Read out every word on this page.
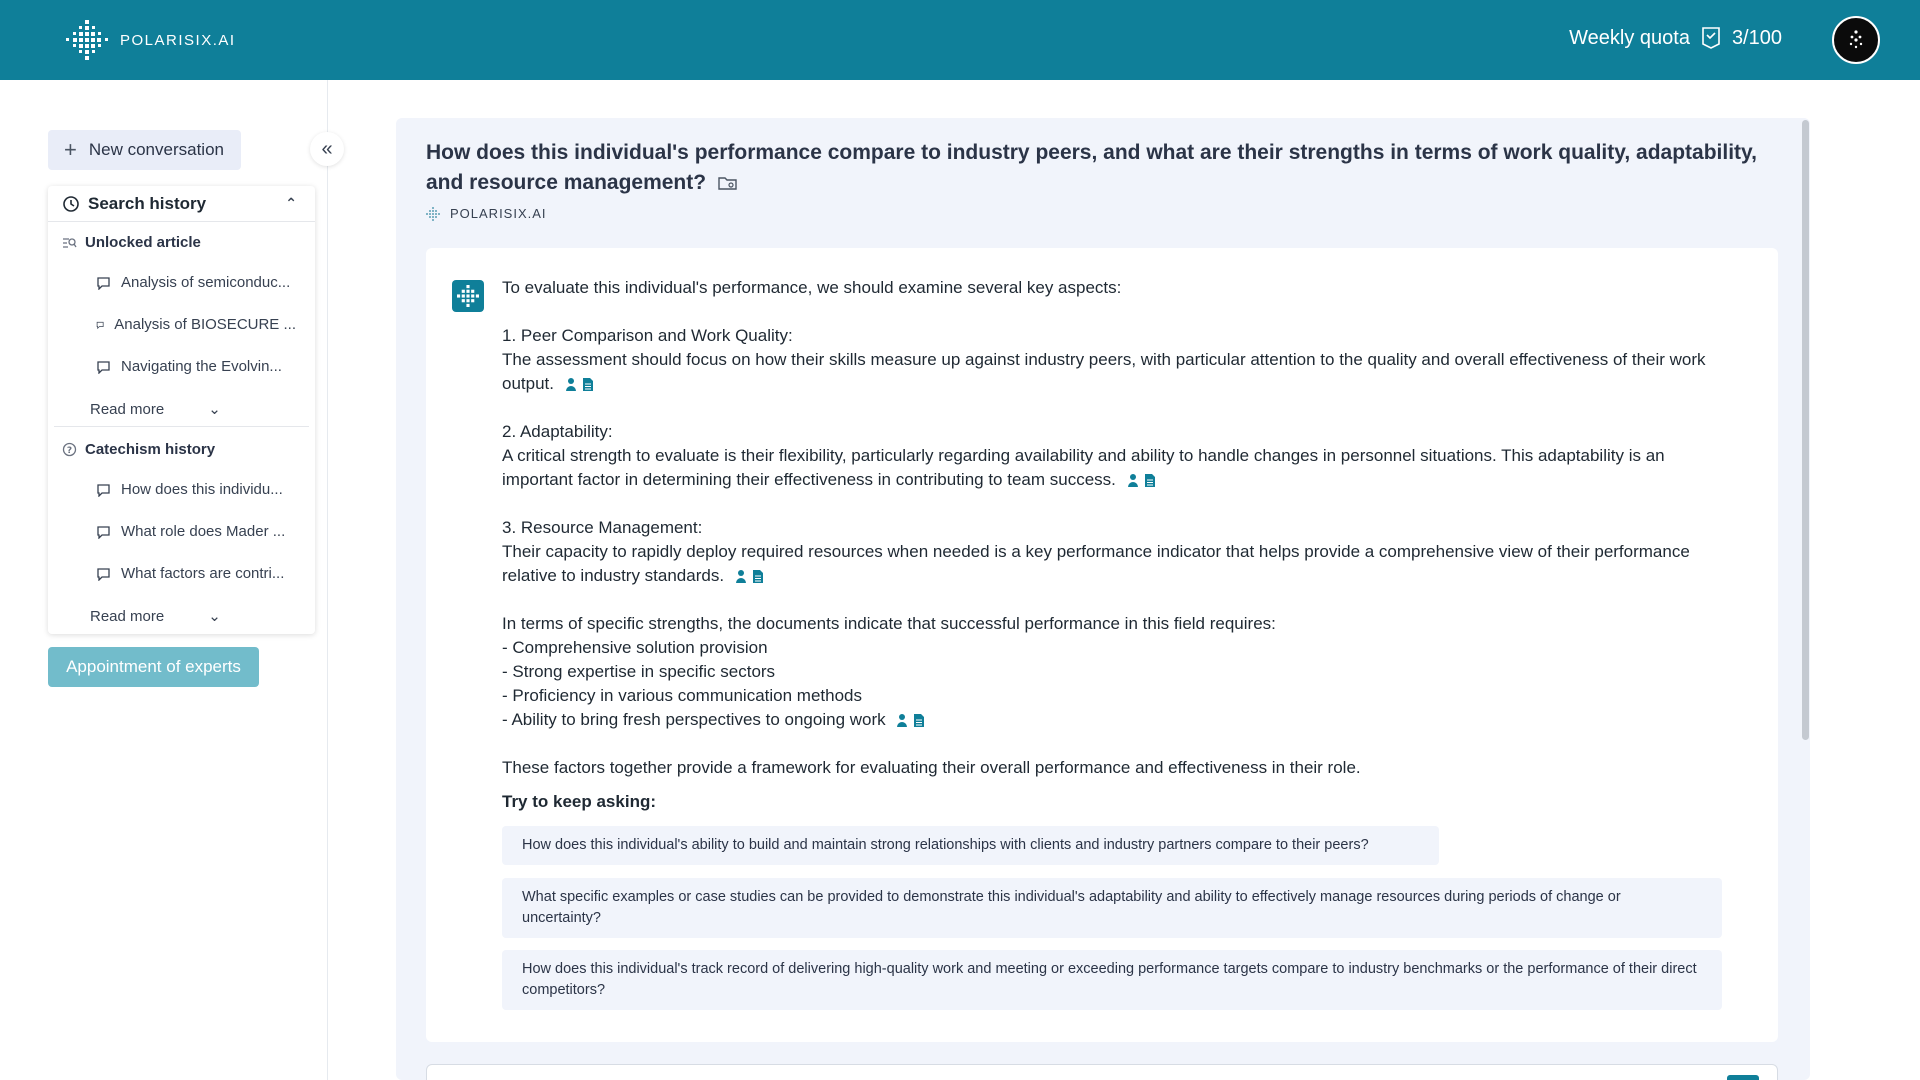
POLARISIX.AI	Weekly quota 3/100
+ New conversation	«
Search history	⌃
Unlocked article
Analysis of semiconduc...
Analysis of BIOSECURE ...
Navigating the Evolvin...
Read more	⌄
? Catechism history
How does this individu...
What role does Mader ...
What factors are contri...
Read more	⌄
Appointment of experts
How does this individual's performance compare to industry peers, and what are their strengths in terms of work quality, adaptability, and resource management?
POLARISIX.AI
To evaluate this individual's performance, we should examine several key aspects:
1. Peer Comparison and Work Quality:
The assessment should focus on how their skills measure up against industry peers, with particular attention to the quality and overall effectiveness of their work output.
2. Adaptability:
A critical strength to evaluate is their flexibility, particularly regarding availability and ability to handle changes in personnel situations. This adaptability is an important factor in determining their effectiveness in contributing to team success.
3. Resource Management:
Their capacity to rapidly deploy required resources when needed is a key performance indicator that helps provide a comprehensive view of their performance relative to industry standards.
In terms of specific strengths, the documents indicate that successful performance in this field requires:
- Comprehensive solution provision
- Strong expertise in specific sectors
- Proficiency in various communication methods
- Ability to bring fresh perspectives to ongoing work
These factors together provide a framework for evaluating their overall performance and effectiveness in their role.
Try to keep asking:
How does this individual's ability to build and maintain strong relationships with clients and industry partners compare to their peers?
What specific examples or case studies can be provided to demonstrate this individual's adaptability and ability to effectively manage resources during periods of change or uncertainty?
How does this individual's track record of delivering high-quality work and meeting or exceeding performance targets compare to industry benchmarks or the performance of their direct competitors?
